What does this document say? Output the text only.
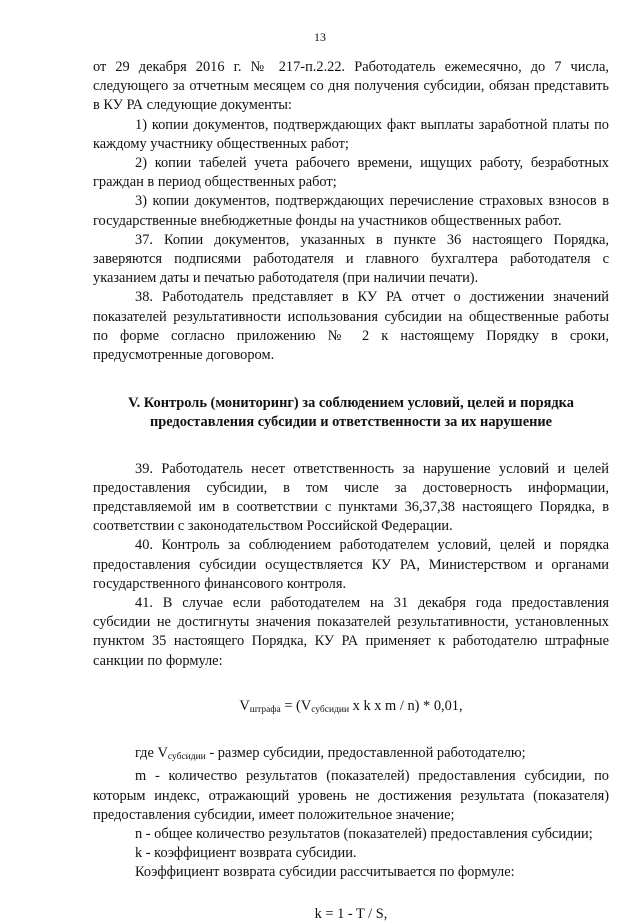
13

от 29 декабря 2016 г. № 217-п.2.22. Работодатель ежемесячно, до 7 числа, следующего за отчетным месяцем со дня получения субсидии, обязан представить в КУ РА следующие документы:

1) копии документов, подтверждающих факт выплаты заработной платы по каждому участнику общественных работ;

2) копии табелей учета рабочего времени, ищущих работу, безработных граждан в период общественных работ;

3) копии документов, подтверждающих перечисление страховых взносов в государственные внебюджетные фонды на участников общественных работ.

37. Копии документов, указанных в пункте 36 настоящего Порядка, заверяются подписями работодателя и главного бухгалтера работодателя с указанием даты и печатью работодателя (при наличии печати).

38. Работодатель представляет в КУ РА отчет о достижении значений показателей результативности использования субсидии на общественные работы по форме согласно приложению № 2 к настоящему Порядку в сроки, предусмотренные договором.

V. Контроль (мониторинг) за соблюдением условий, целей и порядка
предоставления субсидии и ответственности за их нарушение

39. Работодатель несет ответственность за нарушение условий и целей предоставления субсидии, в том числе за достоверность информации, представляемой им в соответствии с пунктами 36,37,38 настоящего Порядка, в соответствии с законодательством Российской Федерации.

40. Контроль за соблюдением работодателем условий, целей и порядка предоставления субсидии осуществляется КУ РА, Министерством и органами государственного финансового контроля.

41. В случае если работодателем на 31 декабря года предоставления субсидии не достигнуты значения показателей результативности, установленных пунктом 35 настоящего Порядка, КУ РА применяет к работодателю штрафные санкции по формуле:

$V_{штрафа} = (V_{субсидии}$ x k x m / n) * 0,01,

где $V_{субсидии}$ - размер субсидии, предоставленной работодателю;

m - количество результатов (показателей) предоставления субсидии, по которым индекс, отражающий уровень не достижения результата (показателя) предоставления субсидии, имеет положительное значение;

n - общее количество результатов (показателей) предоставления субсидии;

k - коэффициент возврата субсидии.

Коэффициент возврата субсидии рассчитывается по формуле:

k = 1 - T / S,
